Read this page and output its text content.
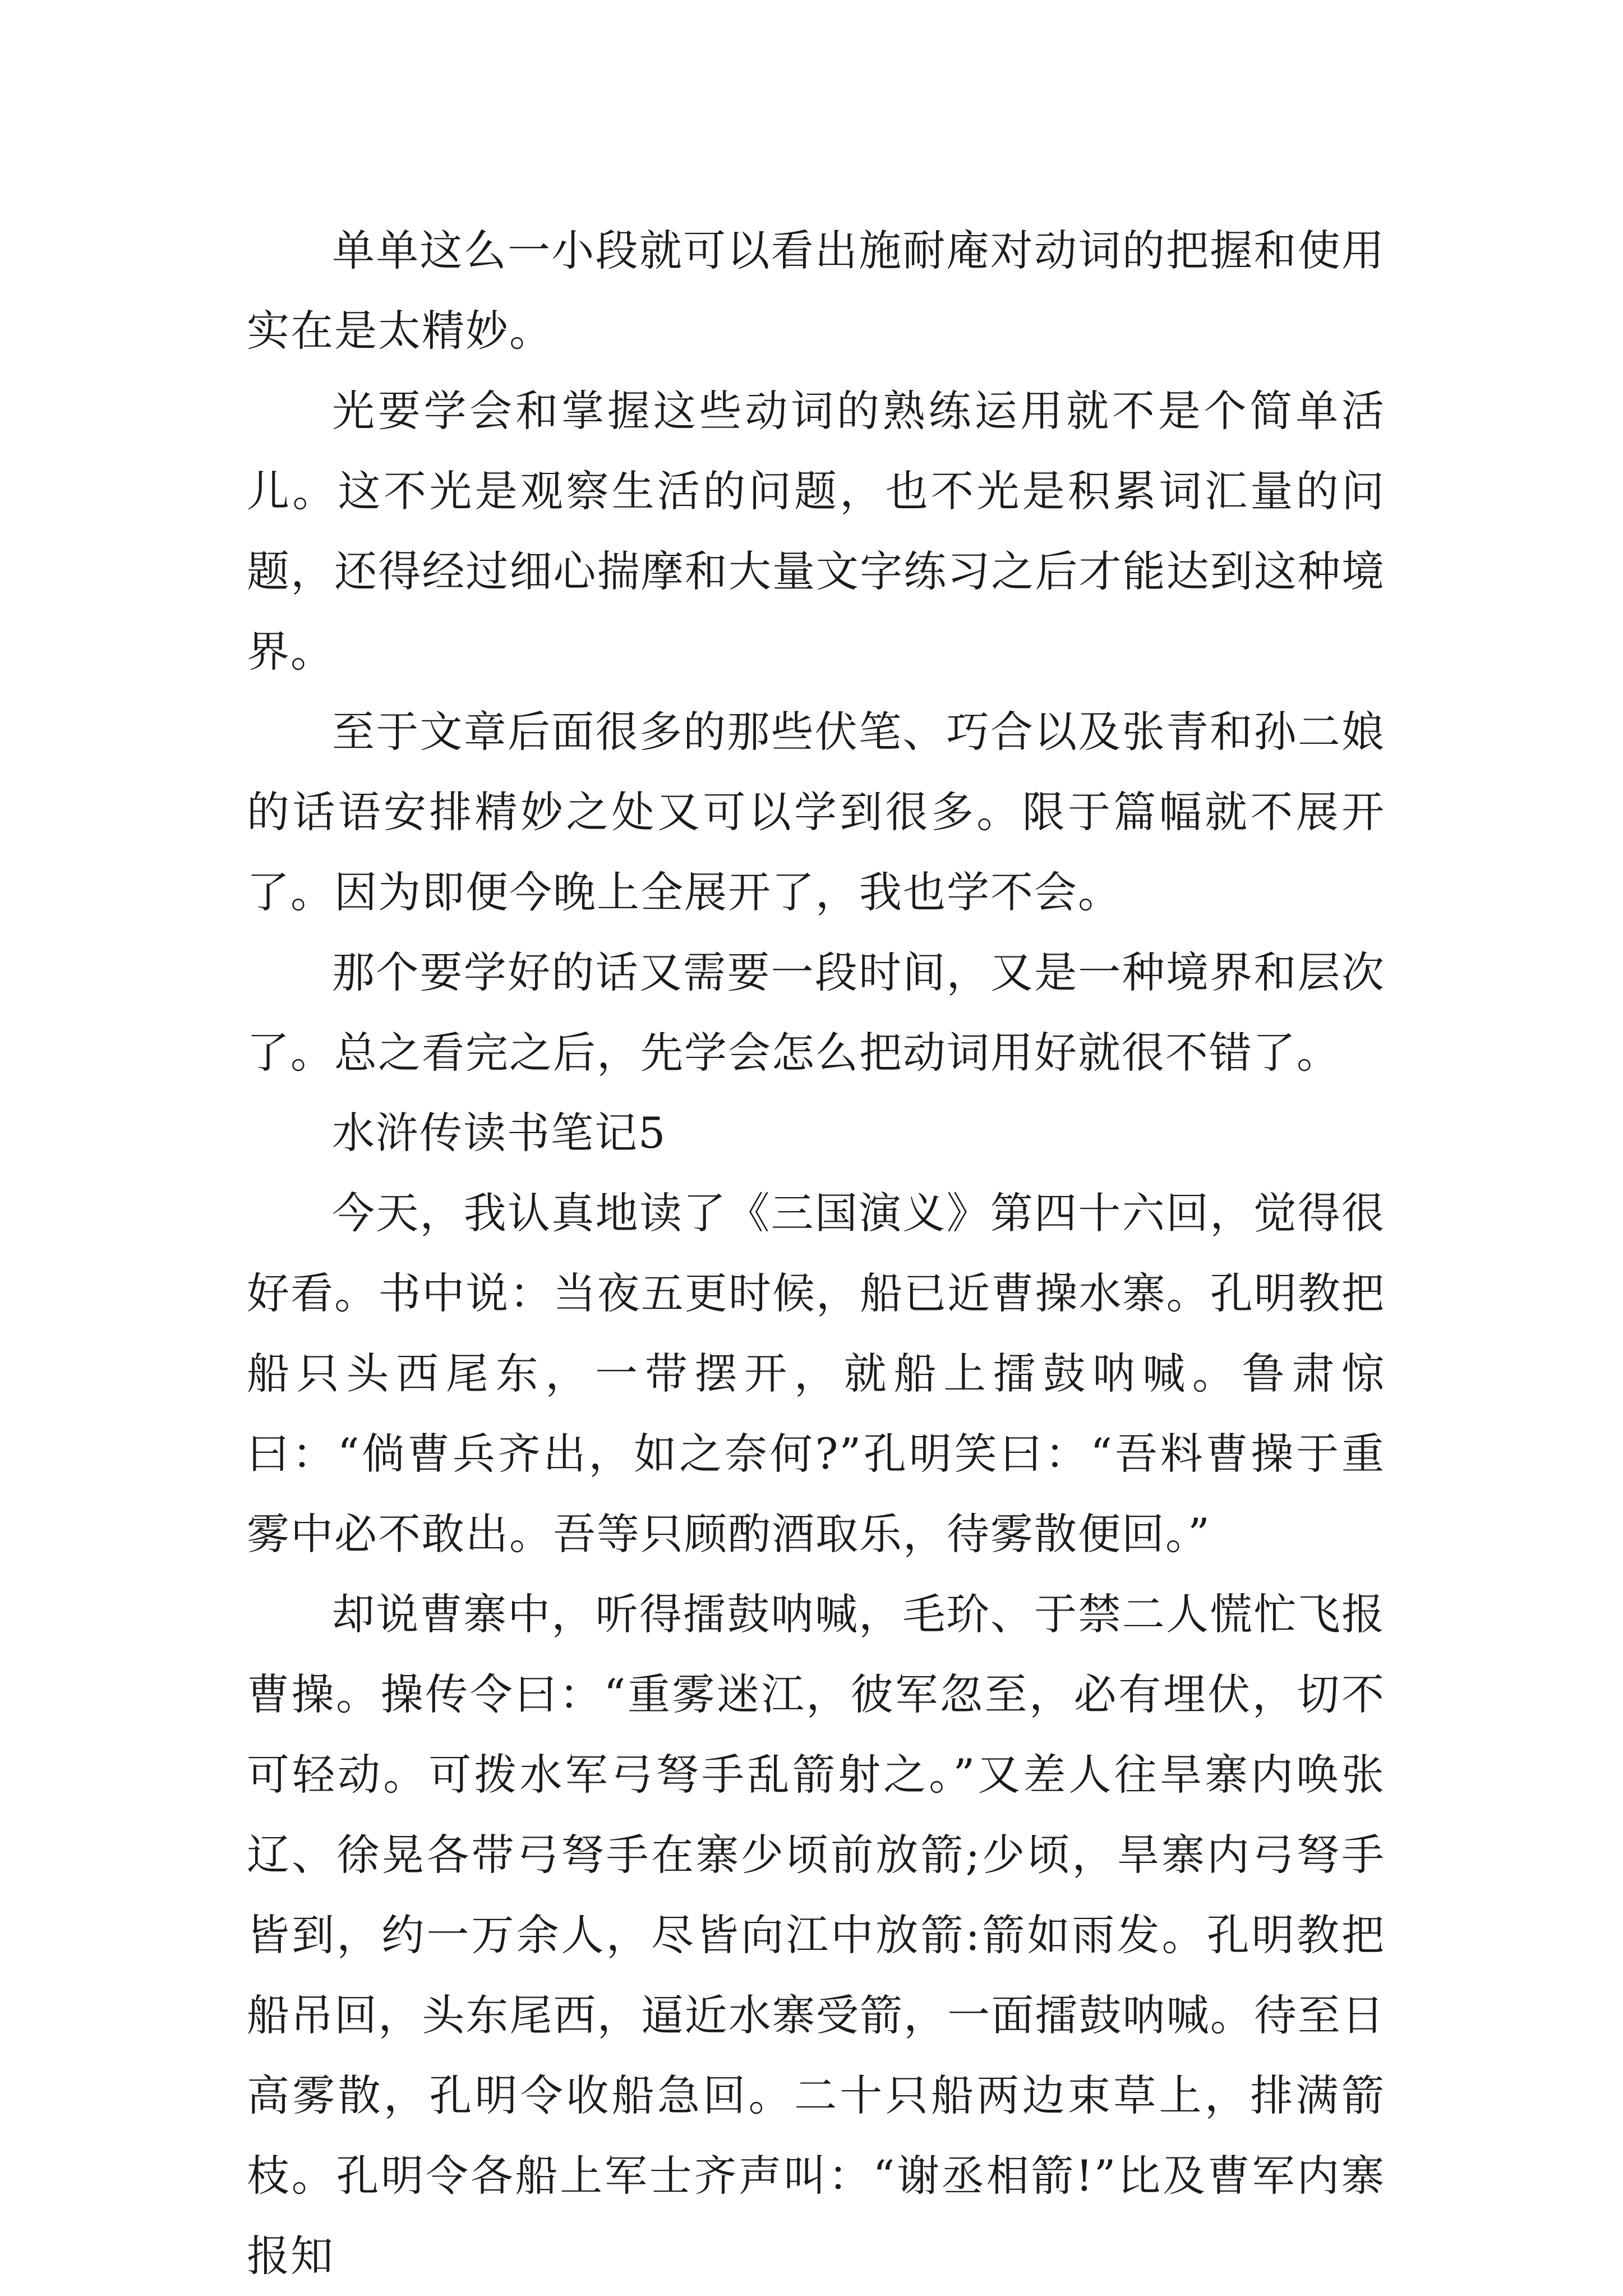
单单这么一小段就可以看出施耐庵对动词的把握和使用实在是太精妙。

光要学会和掌握这些动词的熟练运用就不是个简单活儿。这不光是观察生活的问题，也不光是积累词汇量的问题，还得经过细心揣摩和大量文字练习之后才能达到这种境界。

至于文章后面很多的那些伏笔、巧合以及张青和孙二娘的话语安排精妙之处又可以学到很多。限于篇幅就不展开了。因为即便今晚上全展开了，我也学不会。

那个要学好的话又需要一段时间，又是一种境界和层次了。总之看完之后，先学会怎么把动词用好就很不错了。

水浒传读书笔记5

今天，我认真地读了《三国演义》第四十六回，觉得很好看。书中说：当夜五更时候，船已近曹操水寨。孔明教把船只头西尾东，一带摆开，就船上擂鼓呐喊。鲁肃惊曰：“倘曹兵齐出，如之奈何?”孔明笑曰：“吾料曹操于重雾中必不敢出。吾等只顾酌酒取乐，待雾散便回。”

却说曹寨中，听得擂鼓呐喊，毛玠、于禁二人慌忙飞报曹操。操传令曰：“重雾迷江，彼军忽至，必有埋伏，切不可轻动。可拨水军弓弩手乱箭射之。”又差人往旱寨内唤张辽、徐晃各带弓弩手在寨少顷前放箭;少顷，旱寨内弓弩手皆到，约一万余人，尽皆向江中放箭:箭如雨发。孔明教把船吊回，头东尾西，逼近水寨受箭，一面擂鼓呐喊。待至日高雾散，孔明令收船急回。二十只船两边束草上，排满箭枝。孔明令各船上军士齐声叫：“谢丞相箭!”比及曹军内寨报知
